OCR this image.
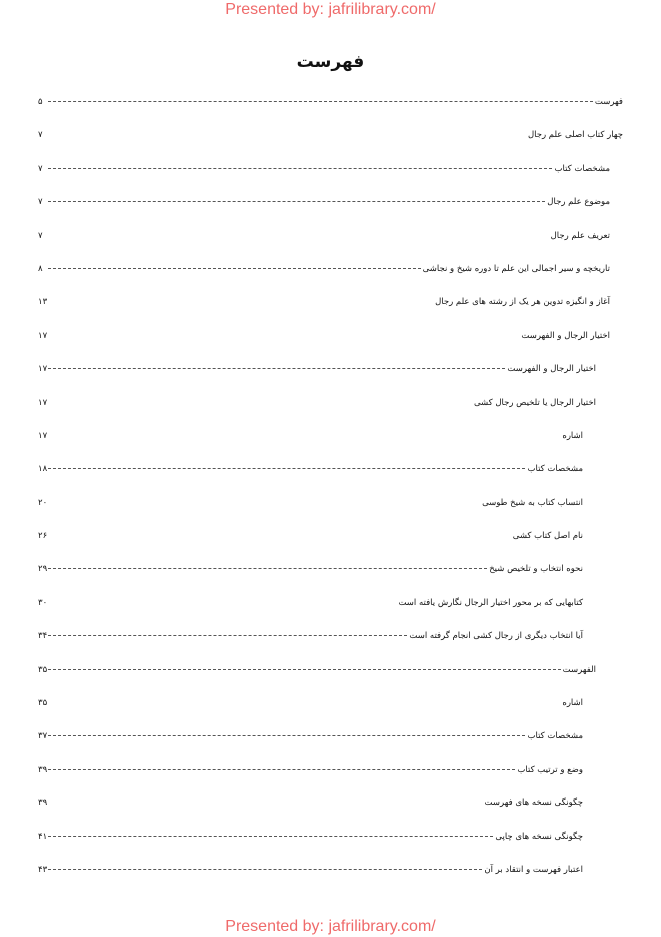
Presented by: jafrilibrary.com/
فهرست
فهرست
۵
چهار کتاب اصلی علم رجال
۷
مشخصات کتاب
۷
موضوع علم رجال
۷
تعریف علم رجال
۷
تاریخچه و سیر اجمالی این علم تا دوره شیخ و نجاشی
۸
آغاز و انگیزه تدوین هر یک از رشته های علم رجال
۱۳
اختیار الرجال و الفهرست
۱۷
اختیار الرجال و الفهرست
۱۷
اختیار الرجال یا تلخیص رجال کشی
۱۷
اشاره
۱۷
مشخصات کتاب
۱۸
انتساب کتاب به شیخ طوسی
۲۰
نام اصل کتاب کشی
۲۶
نحوه انتخاب و تلخیص شیخ
۲۹
کتابهایی که بر محور اختیار الرجال نگارش یافته است
۳۰
آیا انتخاب دیگری از رجال کشی انجام گرفته است
۳۴
الفهرست
۳۵
اشاره
۳۵
مشخصات کتاب
۳۷
وضع و ترتیب کتاب
۳۹
چگونگی نسخه های فهرست
۳۹
چگونگی نسخه های چاپی
۴۱
اعتبار فهرست و انتقاد بر آن
۴۳
Presented by: jafrilibrary.com/
